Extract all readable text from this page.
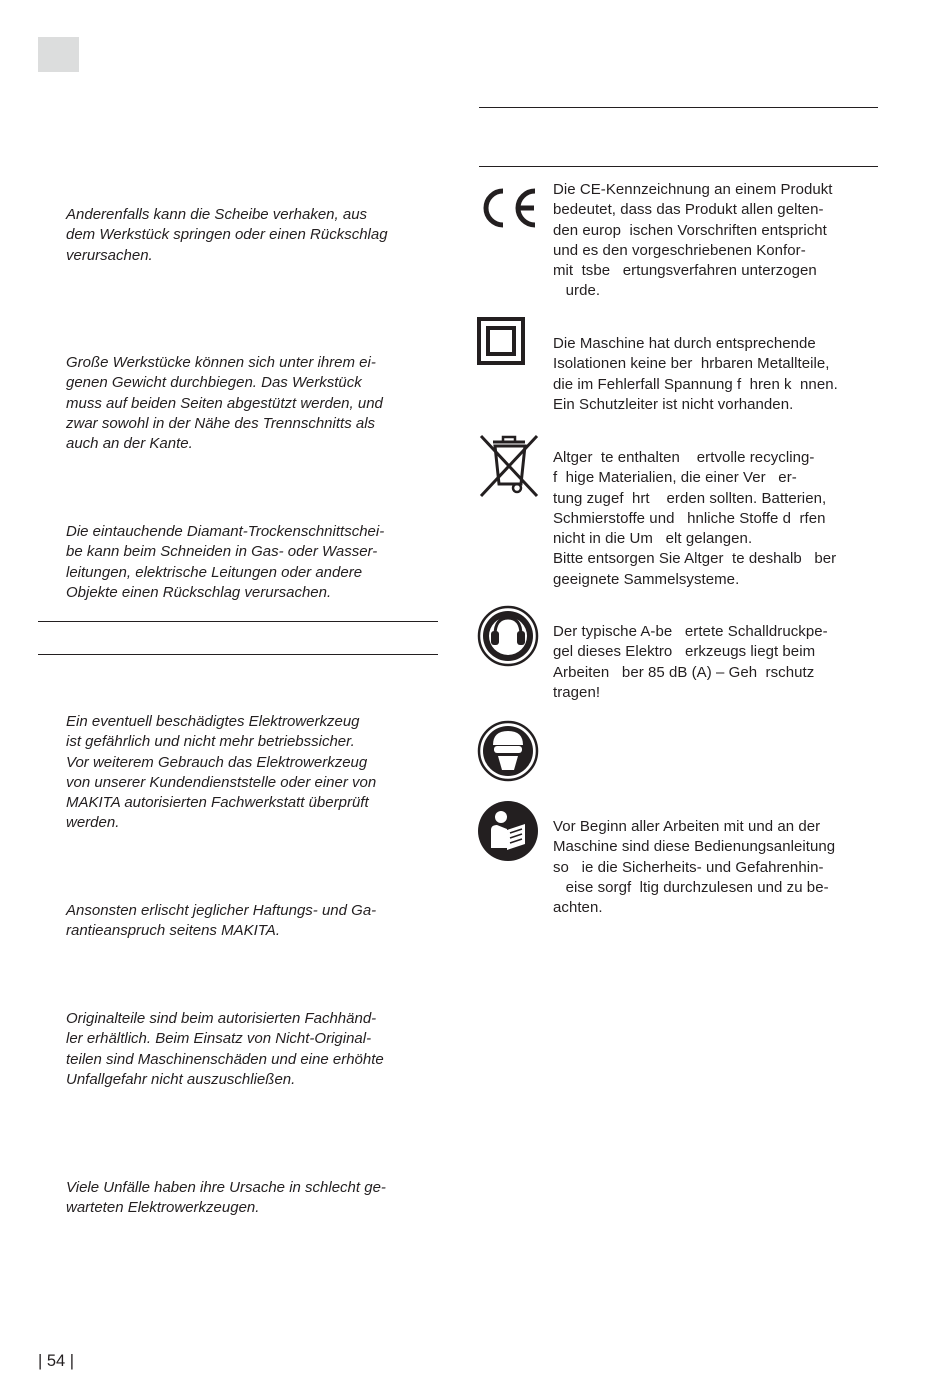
Anderenfalls kann die Scheibe verhaken, aus
dem Werkstück springen oder einen Rückschlag
verursachen.

Große Werkstücke können sich unter ihrem ei-
genen Gewicht durchbiegen. Das Werkstück
muss auf beiden Seiten abgestützt werden, und
zwar sowohl in der Nähe des Trennschnitts als
auch an der Kante.

Die eintauchende Diamant-Trockenschnittschei-
be kann beim Schneiden in Gas- oder Wasser-
leitungen, elektrische Leitungen oder andere
Objekte einen Rückschlag verursachen.

Ein eventuell beschädigtes Elektrowerkzeug
ist gefährlich und nicht mehr betriebssicher.
Vor weiterem Gebrauch das Elektrowerkzeug
von unserer Kundendienststelle oder einer von
MAKITA autorisierten Fachwerkstatt überprüft
werden.

Ansonsten erlischt jeglicher Haftungs- und Ga-
rantieanspruch seitens MAKITA.

Originalteile sind beim autorisierten Fachhänd-
ler erhältlich. Beim Einsatz von Nicht-Original-
teilen sind Maschinenschäden und eine erhöhte
Unfallgefahr nicht auszuschließen.

Viele Unfälle haben ihre Ursache in schlecht ge-
warteten Elektrowerkzeugen.

Die CE-Kennzeichnung an einem Produkt
bedeutet, dass das Produkt allen gelten-
den europ  ischen Vorschriften entspricht
und es den vorgeschriebenen Konfor-
mit  tsbe   ertungsverfahren unterzogen
urde.

Die Maschine hat durch entsprechende
Isolationen keine ber  hrbaren Metallteile,
die im Fehlerfall Spannung f  hren k  nnen.
Ein Schutzleiter ist nicht vorhanden.

Altger  te enthalten    ertvolle recycling-
f  hige Materialien, die einer Ver   er-
tung zugef  hrt    erden sollten. Batterien,
Schmierstoffe und   hnliche Stoffe d  rfen
nicht in die Um   elt gelangen.
Bitte entsorgen Sie Altger  te deshalb   ber
geeignete Sammelsysteme.

Der typische A-be   ertete Schalldruckpe-
gel dieses Elektro   erkzeugs liegt beim
Arbeiten   ber 85 dB (A) – Geh  rschutz
tragen!

Vor Beginn aller Arbeiten mit und an der
Maschine sind diese Bedienungsanleitung
so   ie die Sicherheits- und Gefahrenhin-
eise sorgf  ltig durchzulesen und zu be-
achten.

| 54 |
